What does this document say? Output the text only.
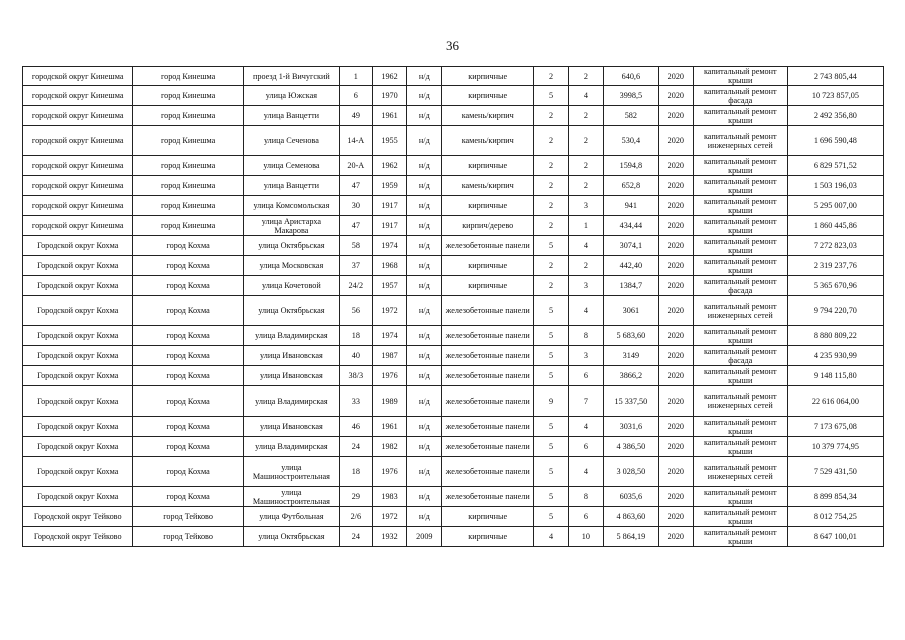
36
городской округ Кинешма	город Кинешма	проезд 1-й Вичугский	1	1962	н/д	кирпичные	2	2	640,6	2020	капитальный ремонт крыши	2 743 805,44
городской округ Кинешма	город Кинешма	улица Южская	6	1970	н/д	кирпичные	5	4	3998,5	2020	капитальный ремонт фасада	10 723 857,05
городской округ Кинешма	город Кинешма	улица Ванцетти	49	1961	н/д	камень/кирпич	2	2	582	2020	капитальный ремонт крыши	2 492 356,80
городской округ Кинешма	город Кинешма	улица Сеченова	14-А	1955	н/д	камень/кирпич	2	2	530,4	2020	капитальный ремонт инженерных сетей	1 696 590,48
городской округ Кинешма	город Кинешма	улица Семенова	20-А	1962	н/д	кирпичные	2	2	1594,8	2020	капитальный ремонт крыши	6 829 571,52
городской округ Кинешма	город Кинешма	улица Ванцетти	47	1959	н/д	камень/кирпич	2	2	652,8	2020	капитальный ремонт крыши	1 503 196,03
городской округ Кинешма	город Кинешма	улица Комсомольская	30	1917	н/д	кирпичные	2	3	941	2020	капитальный ремонт крыши	5 295 007,00
городской округ Кинешма	город Кинешма	улица Аристарха Макарова	47	1917	н/д	кирпич/дерево	2	1	434,44	2020	капитальный ремонт крыши	1 860 445,86
Городской округ Кохма	город Кохма	улица Октябрьская	58	1974	н/д	железобетонные панели	5	4	3074,1	2020	капитальный ремонт крыши	7 272 823,03
Городской округ Кохма	город Кохма	улица Московская	37	1968	н/д	кирпичные	2	2	442,40	2020	капитальный ремонт крыши	2 319 237,76
Городской округ Кохма	город Кохма	улица Кочетовой	24/2	1957	н/д	кирпичные	2	3	1384,7	2020	капитальный ремонт фасада	5 365 670,96
Городской округ Кохма	город Кохма	улица Октябрьская	56	1972	н/д	железобетонные панели	5	4	3061	2020	капитальный ремонт инженерных сетей	9 794 220,70
Городской округ Кохма	город Кохма	улица Владимирская	18	1974	н/д	железобетонные панели	5	8	5 683,60	2020	капитальный ремонт крыши	8 880 809,22
Городской округ Кохма	город Кохма	улица Ивановская	40	1987	н/д	железобетонные панели	5	3	3149	2020	капитальный ремонт фасада	4 235 930,99
Городской округ Кохма	город Кохма	улица Ивановская	38/3	1976	н/д	железобетонные панели	5	6	3866,2	2020	капитальный ремонт крыши	9 148 115,80
Городской округ Кохма	город Кохма	улица Владимирская	33	1989	н/д	железобетонные панели	9	7	15 337,50	2020	капитальный ремонт инженерных сетей	22 616 064,00
Городской округ Кохма	город Кохма	улица Ивановская	46	1961	н/д	железобетонные панели	5	4	3031,6	2020	капитальный ремонт крыши	7 173 675,08
Городской округ Кохма	город Кохма	улица Владимирская	24	1982	н/д	железобетонные панели	5	6	4 386,50	2020	капитальный ремонт крыши	10 379 774,95
Городской округ Кохма	город Кохма	улица Машиностроительная	18	1976	н/д	железобетонные панели	5	4	3 028,50	2020	капитальный ремонт инженерных сетей	7 529 431,50
Городской округ Кохма	город Кохма	улица Машиностроительная	29	1983	н/д	железобетонные панели	5	8	6035,6	2020	капитальный ремонт крыши	8 899 854,34
Городской округ Тейково	город Тейково	улица Футбольная	2/6	1972	н/д	кирпичные	5	6	4 863,60	2020	капитальный ремонт крыши	8 012 754,25
Городской округ Тейково	город Тейково	улица Октябрьская	24	1932	2009	кирпичные	4	10	5 864,19	2020	капитальный ремонт крыши	8 647 100,01
